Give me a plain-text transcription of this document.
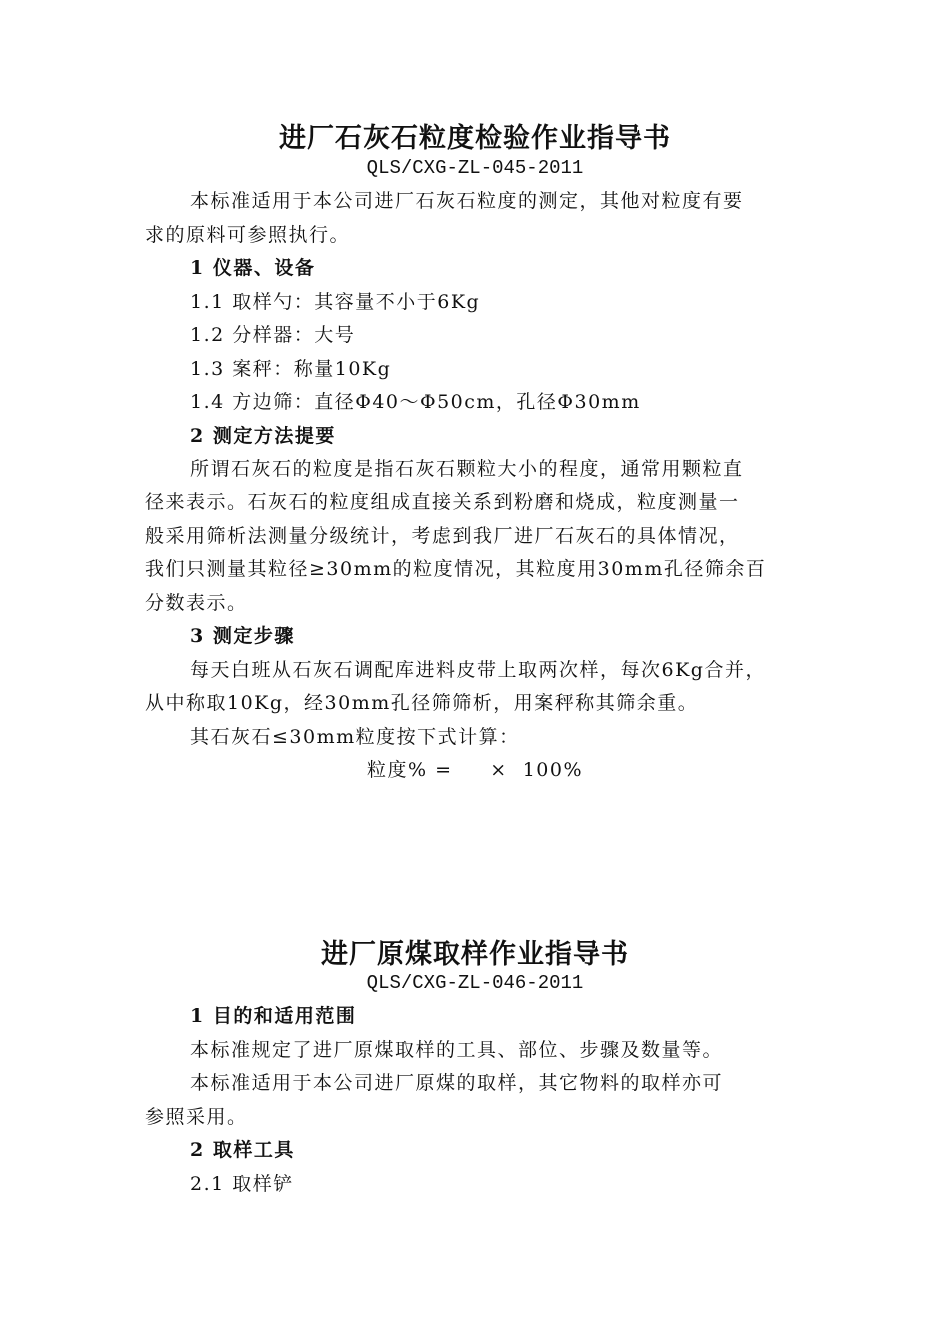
进厂石灰石粒度检验作业指导书
QLS/CXG-ZL-045-2011
本标准适用于本公司进厂石灰石粒度的测定，其他对粒度有要
求的原料可参照执行。
1 仪器、设备
1.1 取样勺：其容量不小于6Kg
1.2 分样器：大号
1.3 案秤：称量10Kg
1.4 方边筛：直径Φ40～Φ50cm，孔径Φ30mm
2 测定方法提要
所谓石灰石的粒度是指石灰石颗粒大小的程度，通常用颗粒直
径来表示。石灰石的粒度组成直接关系到粉磨和烧成，粒度测量一
般采用筛析法测量分级统计，考虑到我厂进厂石灰石的具体情况，
我们只测量其粒径≥30mm的粒度情况，其粒度用30mm孔径筛余百
分数表示。
3 测定步骤
每天白班从石灰石调配库进料皮带上取两次样，每次6Kg合并，
从中称取10Kg，经30mm孔径筛筛析，用案秤称其筛余重。
其石灰石≤30mm粒度按下式计算：
粒度% =     ×  100%
进厂原煤取样作业指导书
QLS/CXG-ZL-046-2011
1 目的和适用范围
本标准规定了进厂原煤取样的工具、部位、步骤及数量等。
本标准适用于本公司进厂原煤的取样，其它物料的取样亦可
参照采用。
2 取样工具
2.1 取样铲
